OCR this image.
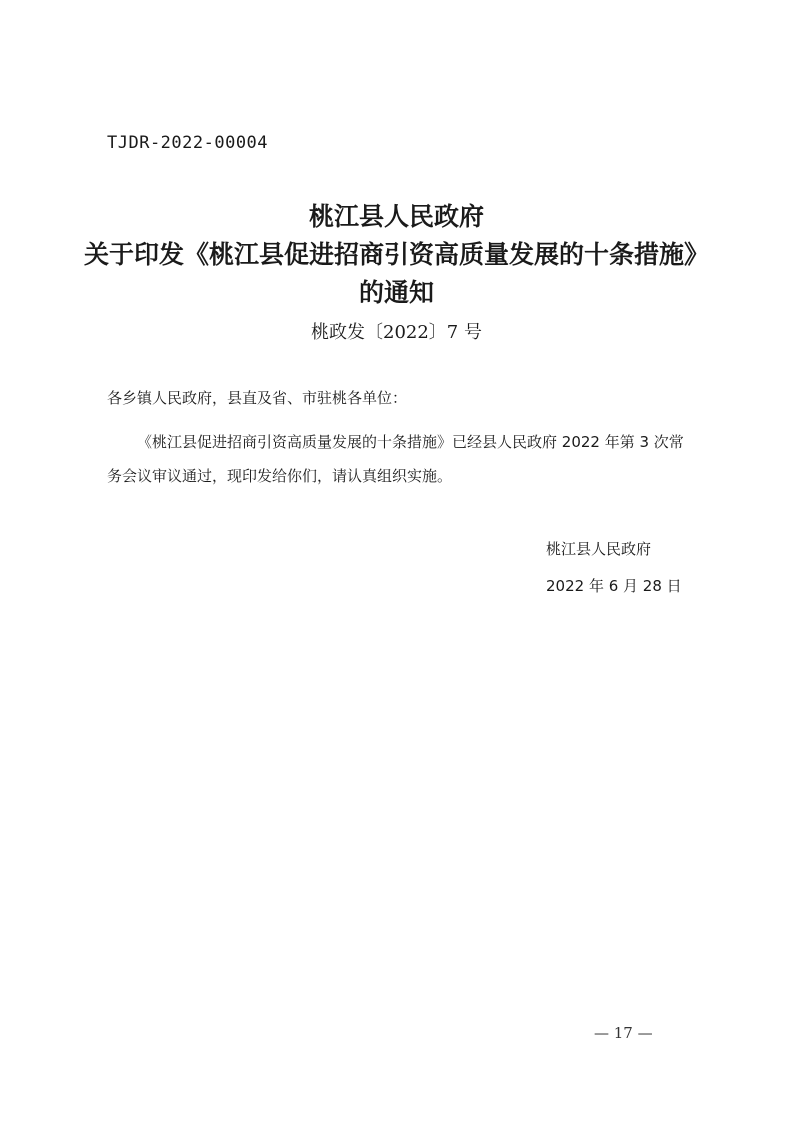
TJDR-2022-00004
桃江县人民政府
关于印发《桃江县促进招商引资高质量发展的十条措施》
的通知
桃政发〔2022〕7 号
各乡镇人民政府，县直及省、市驻桃各单位：
《桃江县促进招商引资高质量发展的十条措施》已经县人民政府 2022 年第 3 次常务会议审议通过，现印发给你们，请认真组织实施。
桃江县人民政府
2022 年 6 月 28 日
— 17 —
